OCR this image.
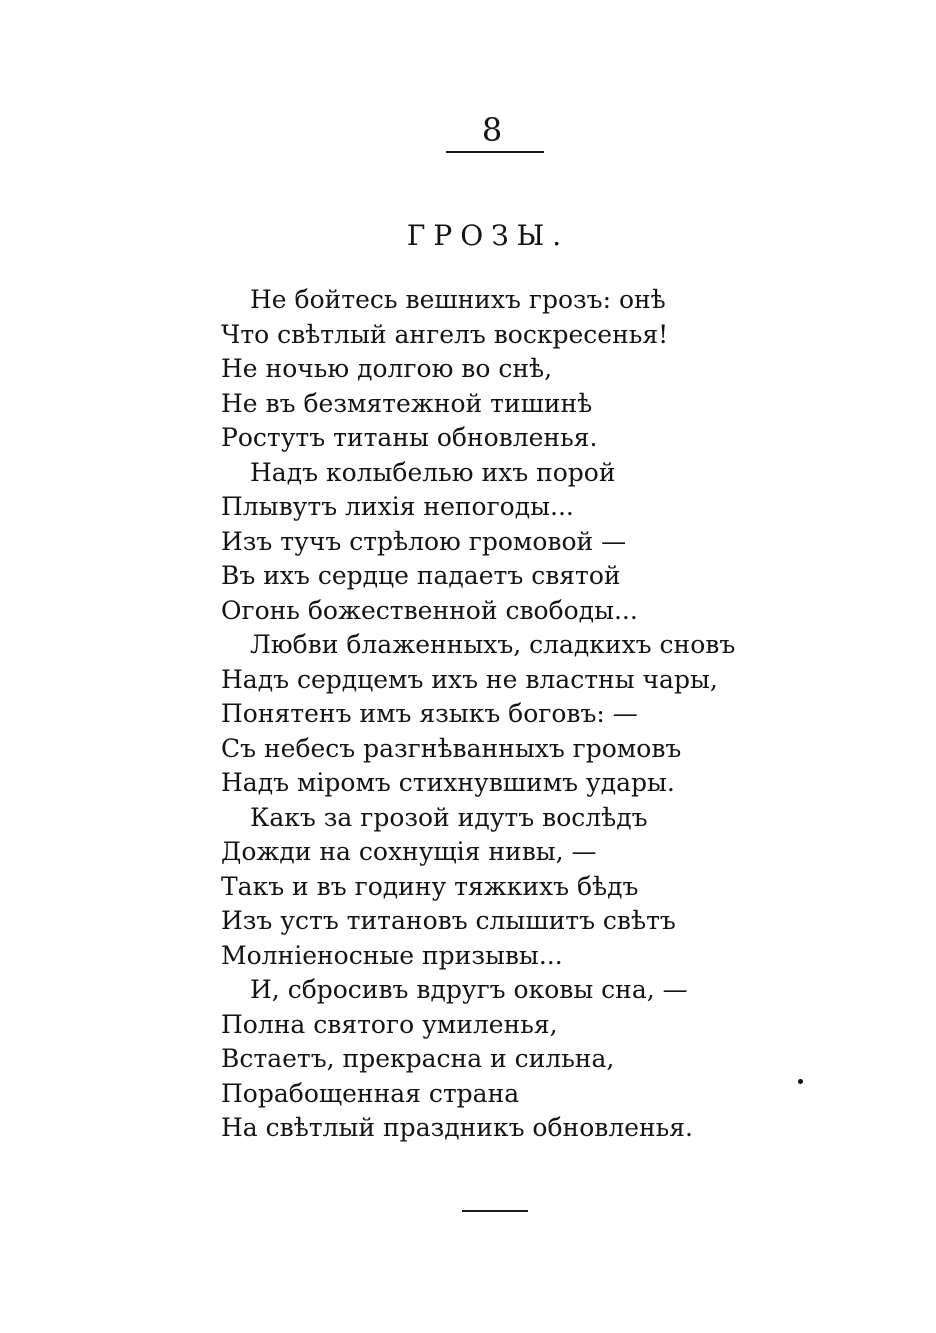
8
ГРОЗЫ.
Не бойтесь вешнихъ грозъ: онѣ
Что свѣтлый ангелъ воскресенья!
Не ночью долгою во снѣ,
Не въ безмятежной тишинѣ
Ростутъ титаны обновленья.
Надъ колыбелью ихъ порой
Плывутъ лихія непогоды...
Изъ тучъ стрѣлою громовой —
Въ ихъ сердце падаетъ святой
Огонь божественной свободы...
Любви блаженныхъ, сладкихъ сновъ
Надъ сердцемъ ихъ не властны чары,
Понятенъ имъ языкъ боговъ: —
Съ небесъ разгнѣванныхъ громовъ
Надъ міромъ стихнувшимъ удары.
Какъ за грозой идутъ вослѣдъ
Дожди на сохнущія нивы, —
Такъ и въ годину тяжкихъ бѣдъ
Изъ устъ титановъ слышитъ свѣтъ
Молніеносные призывы...
И, сбросивъ вдругъ оковы сна, —
Полна святого умиленья,
Встаетъ, прекрасна и сильна,
Порабощенная страна
На свѣтлый праздникъ обновленья.
